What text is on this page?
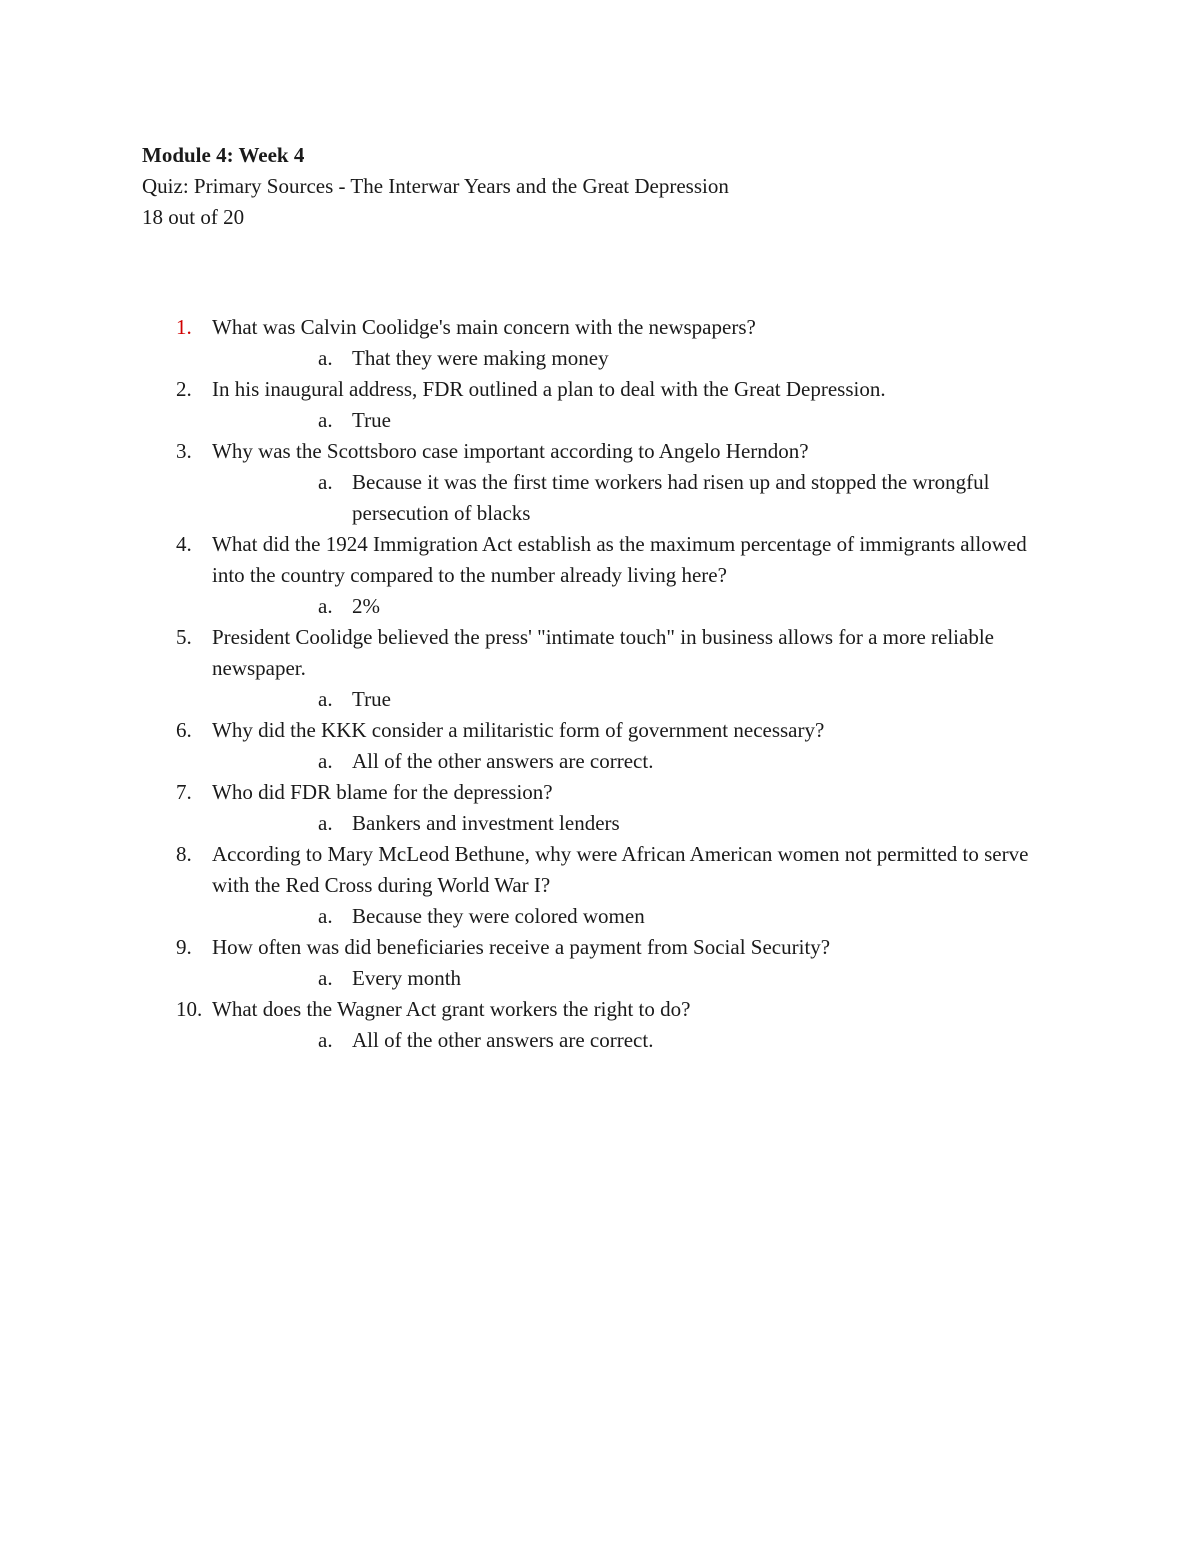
Module 4: Week 4
Quiz: Primary Sources - The Interwar Years and the Great Depression
18 out of 20
1. What was Calvin Coolidge's main concern with the newspapers?
a. That they were making money
2. In his inaugural address, FDR outlined a plan to deal with the Great Depression.
a. True
3. Why was the Scottsboro case important according to Angelo Herndon?
a. Because it was the first time workers had risen up and stopped the wrongful persecution of blacks
4. What did the 1924 Immigration Act establish as the maximum percentage of immigrants allowed into the country compared to the number already living here?
a. 2%
5. President Coolidge believed the press' "intimate touch" in business allows for a more reliable newspaper.
a. True
6. Why did the KKK consider a militaristic form of government necessary?
a. All of the other answers are correct.
7. Who did FDR blame for the depression?
a. Bankers and investment lenders
8. According to Mary McLeod Bethune, why were African American women not permitted to serve with the Red Cross during World War I?
a. Because they were colored women
9. How often was did beneficiaries receive a payment from Social Security?
a. Every month
10. What does the Wagner Act grant workers the right to do?
a. All of the other answers are correct.
